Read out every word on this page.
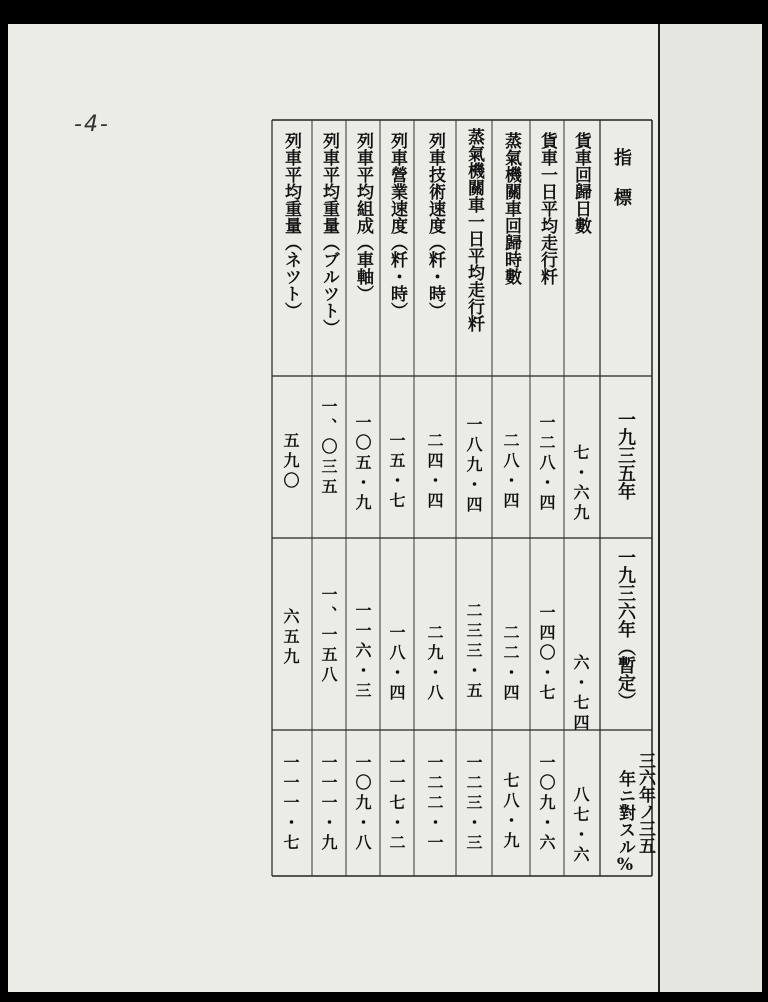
-4-
指標
一九三五年
一九三六年（暫定）
三六年ノ三五
年ニ對スル%
貨車回歸日數
七・六九
六・七四
八七・六
貨車一日平均走行粁
一二八・四
一四〇・七
一〇九・六
蒸氣機關車回歸時數
二八・四
二二・四
七八・九
蒸氣機關車一日平均走行粁
一八九・四
二三三・五
一二三・三
列車技術速度（粁・時）
二四・四
二九・八
一二二・一
列車營業速度（粁・時）
一五・七
一八・四
一一七・二
列車平均組成（車軸）
一〇五・九
一一六・三
一〇九・八
列車平均重量（ブルツト）
一、〇三五
一、一五八
一一一・九
列車平均重量（ネツト）
五九〇
六五九
一一一・七
